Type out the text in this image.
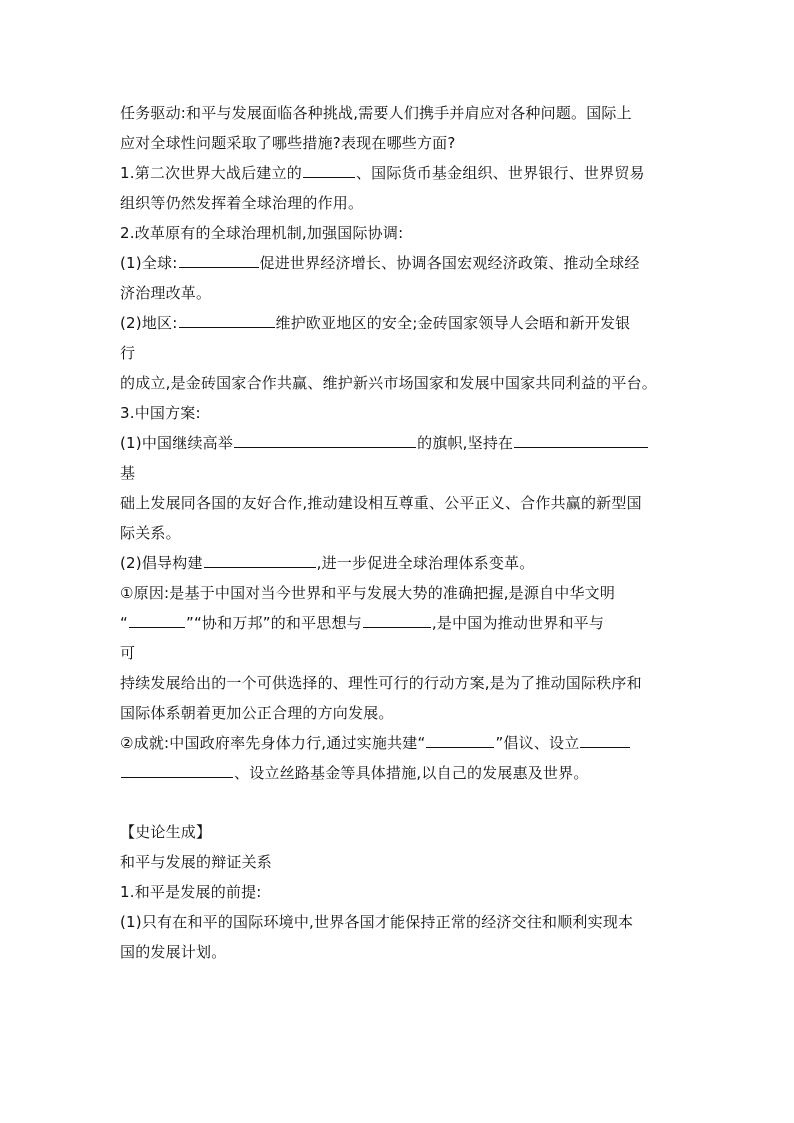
任务驱动:和平与发展面临各种挑战,需要人们携手并肩应对各种问题。国际上
应对全球性问题采取了哪些措施?表现在哪些方面?
1.第二次世界大战后建立的	、国际货币基金组织、世界银行、世界贸易
组织等仍然发挥着全球治理的作用。
2.改革原有的全球治理机制,加强国际协调:
(1)全球:	促进世界经济增长、协调各国宏观经济政策、推动全球经
济治理改革。
(2)地区:	维护欧亚地区的安全;金砖国家领导人会晤和新开发银
行
的成立,是金砖国家合作共赢、维护新兴市场国家和发展中国家共同利益的平台。
3.中国方案:
(1)中国继续高举	的旗帜,坚持在
基
础上发展同各国的友好合作,推动建设相互尊重、公平正义、合作共赢的新型国
际关系。
(2)倡导构建	,进一步促进全球治理体系变革。
①原因:是基于中国对当今世界和平与发展大势的准确把握,是源自中华文明
“	”“协和万邦”的和平思想与	,是中国为推动世界和平与
可
持续发展给出的一个可供选择的、理性可行的行动方案,是为了推动国际秩序和
国际体系朝着更加公正合理的方向发展。
②成就:中国政府率先身体力行,通过实施共建“	”倡议、设立
、设立丝路基金等具体措施,以自己的发展惠及世界。
【史论生成】
和平与发展的辩证关系
1.和平是发展的前提:
(1)只有在和平的国际环境中,世界各国才能保持正常的经济交往和顺利实现本
国的发展计划。
